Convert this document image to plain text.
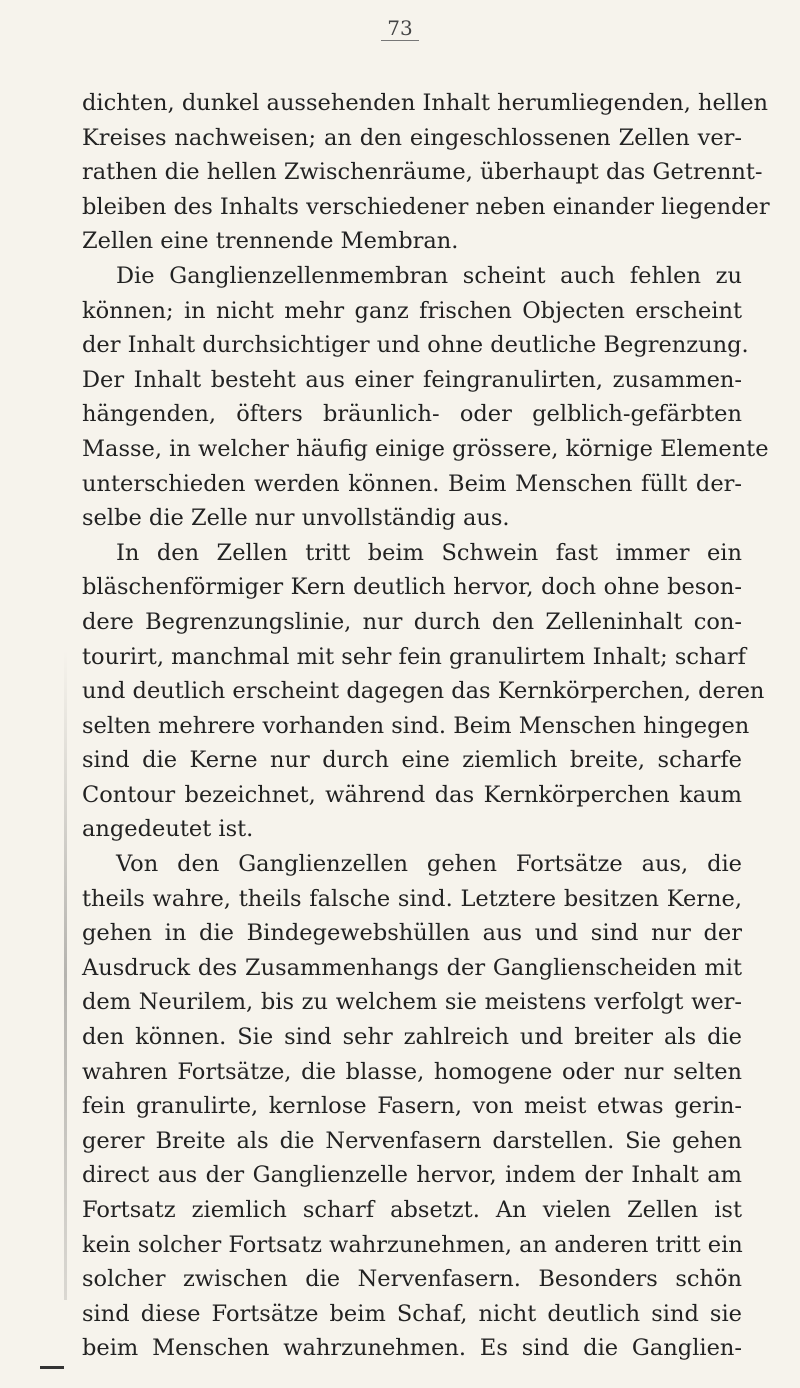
73
dichten, dunkel aussehenden Inhalt herumliegenden, hellen
Kreises nachweisen; an den eingeschlossenen Zellen ver-
rathen die hellen Zwischenräume, überhaupt das Getrennt-
bleiben des Inhalts verschiedener neben einander liegender
Zellen eine trennende Membran.
Die Ganglienzellenmembran scheint auch fehlen zu
können; in nicht mehr ganz frischen Objecten erscheint
der Inhalt durchsichtiger und ohne deutliche Begrenzung.
Der Inhalt besteht aus einer feingranulirten, zusammen-
hängenden, öfters bräunlich- oder gelblich-gefärbten
Masse, in welcher häufig einige grössere, körnige Elemente
unterschieden werden können. Beim Menschen füllt der-
selbe die Zelle nur unvollständig aus.
In den Zellen tritt beim Schwein fast immer ein
bläschenförmiger Kern deutlich hervor, doch ohne beson-
dere Begrenzungslinie, nur durch den Zelleninhalt con-
tourirt, manchmal mit sehr fein granulirtem Inhalt; scharf
und deutlich erscheint dagegen das Kernkörperchen, deren
selten mehrere vorhanden sind. Beim Menschen hingegen
sind die Kerne nur durch eine ziemlich breite, scharfe
Contour bezeichnet, während das Kernkörperchen kaum
angedeutet ist.
Von den Ganglienzellen gehen Fortsätze aus, die
theils wahre, theils falsche sind. Letztere besitzen Kerne,
gehen in die Bindegewebshüllen aus und sind nur der
Ausdruck des Zusammenhangs der Ganglienscheiden mit
dem Neurilem, bis zu welchem sie meistens verfolgt wer-
den können. Sie sind sehr zahlreich und breiter als die
wahren Fortsätze, die blasse, homogene oder nur selten
fein granulirte, kernlose Fasern, von meist etwas gerin-
gerer Breite als die Nervenfasern darstellen. Sie gehen
direct aus der Ganglienzelle hervor, indem der Inhalt am
Fortsatz ziemlich scharf absetzt. An vielen Zellen ist
kein solcher Fortsatz wahrzunehmen, an anderen tritt ein
solcher zwischen die Nervenfasern. Besonders schön
sind diese Fortsätze beim Schaf, nicht deutlich sind sie
beim Menschen wahrzunehmen. Es sind die Ganglien-
